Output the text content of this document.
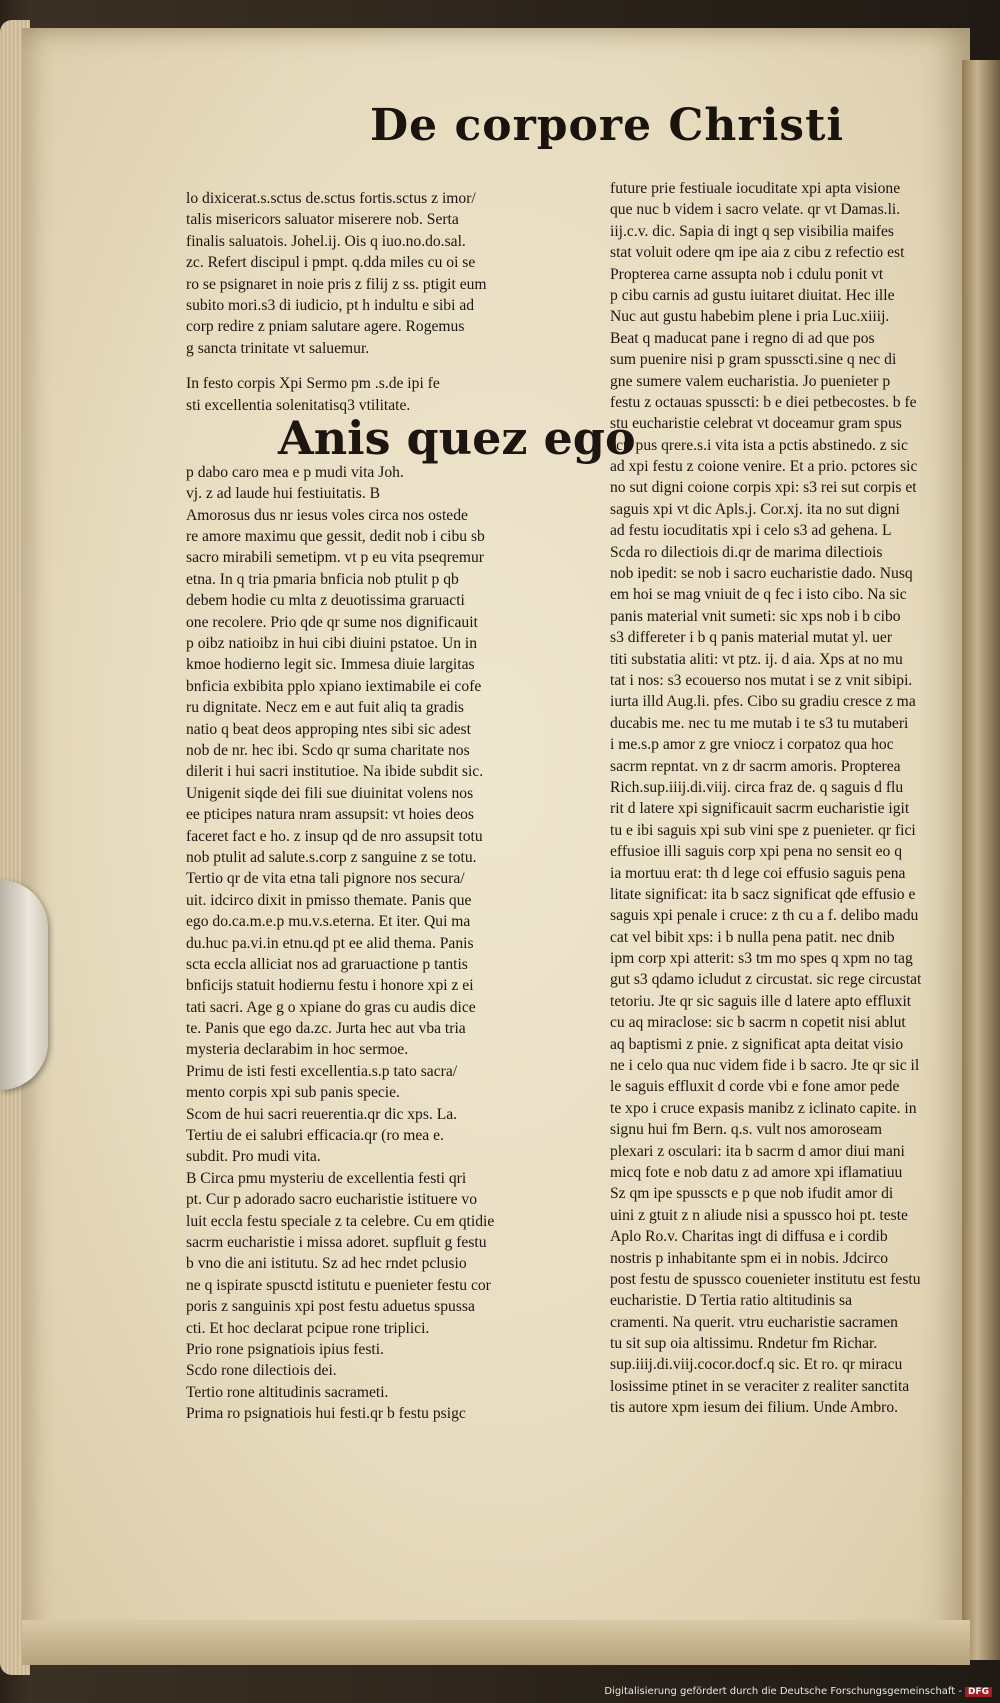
De corpore Christi
lo dixicerat.s.sctus de.sctus fortis.sctus z imor/
talis misericors saluator miserere nob. Serta
finalis saluatois. Johel.ij. Ois q iuo.no.do.sal.
zc. Refert discipul i pmpt. q.dda miles cu oi se
ro se psignaret in noie pris z filij z ss. ptigit eum
subito mori.s3 di iudicio, pt h indultu e sibi ad
corp redire z pniam salutare agere. Rogemus
g sancta trinitate vt saluemur.
In festo corpis Xpi Sermo pm .s.de ipi fe
sti excellentia solenitatisq3 vtilitate.
Anis quez ego
p dabo caro mea e p mudi vita Joh.
vj. z ad laude hui festiuitatis. B
Amorosus dus nr iesus voles circa nos ostede
re amore maximu que gessit, dedit nob i cibu sb
sacro mirabili semetipm. vt p eu vita pseqremur
etna. In q tria pmaria bnficia nob ptulit p qb
debem hodie cu mlta z deuotissima graruacti
one recolere. Prio qde qr sume nos dignificauit
p oibz natioibz in hui cibi diuini pstatoe. Un in
kmoe hodierno legit sic. Immesa diuie largitas
bnficia exbibita pplo xpiano iextimabile ei cofe
ru dignitate. Necz em e aut fuit aliq ta gradis
natio q beat deos approping ntes sibi sic adest
nob de nr. hec ibi. Scdo qr suma charitate nos
dilerit i hui sacri institutioe. Na ibide subdit sic.
Unigenit siqde dei fili sue diuinitat volens nos
ee pticipes natura nram assupsit: vt hoies deos
faceret fact e ho. z insup qd de nro assupsit totu
nob ptulit ad salute.s.corp z sanguine z se totu.
Tertio qr de vita etna tali pignore nos secura/
uit. idcirco dixit in pmisso themate. Panis que
ego do.ca.m.e.p mu.v.s.eterna. Et iter. Qui ma
du.huc pa.vi.in etnu.qd pt ee alid thema. Panis
scta eccla alliciat nos ad graruactione p tantis
bnficijs statuit hodiernu festu i honore xpi z ei
tati sacri. Age g o xpiane do gras cu audis dice
te. Panis que ego da.zc. Jurta hec aut vba tria
mysteria declarabim in hoc sermoe.
Primu de isti festi excellentia.s.p tato sacra/
mento corpis xpi sub panis specie.
Scom de hui sacri reuerentia.qr dic xps. La.
Tertiu de ei salubri efficacia.qr (ro mea e.
subdit. Pro mudi vita.
B Circa pmu mysteriu de excellentia festi qri
pt. Cur p adorado sacro eucharistie istituere vo
luit eccla festu speciale z ta celebre. Cu em qtidie
sacrm eucharistie i missa adoret. supfluit g festu
b vno die ani istitutu. Sz ad hec rndet pclusio
ne q ispirate spusctd istitutu e puenieter festu cor
poris z sanguinis xpi post festu aduetus spussa
cti. Et hoc declarat pcipue rone triplici.
Prio rone psignatiois ipius festi.
Scdo rone dilectiois dei.
Tertio rone altitudinis sacrameti.
Prima ro psignatiois hui festi.qr b festu psigc
future prie festiuale iocuditate xpi apta visione
que nuc b videm i sacro velate. qr vt Damas.li.
iij.c.v. dic. Sapia di ingt q sep visibilia maifes
stat voluit odere qm ipe aia z cibu z refectio est
Propterea carne assupta nob i cdulu ponit vt
p cibu carnis ad gustu iuitaret diuitat. Hec ille
Nuc aut gustu habebim plene i pria Luc.xiiij.
Beat q maducat pane i regno di ad que pos
sum puenire nisi p gram spusscti.sine q nec di
gne sumere valem eucharistia. Jo puenieter p
festu z octauas spusscti: b e diei petbecostes. b fe
stu eucharistie celebrat vt doceamur gram spus
scti pus qrere.s.i vita ista a pctis abstinedo. z sic
ad xpi festu z coione venire. Et a prio. pctores sic
no sut digni coione corpis xpi: s3 rei sut corpis et
saguis xpi vt dic Apls.j. Cor.xj. ita no sut digni
ad festu iocuditatis xpi i celo s3 ad gehena. L
Scda ro dilectiois di.qr de marima dilectiois
nob ipedit: se nob i sacro eucharistie dado. Nusq
em hoi se mag vniuit de q fec i isto cibo. Na sic
panis material vnit sumeti: sic xps nob i b cibo
s3 differeter i b q panis material mutat yl. uer
titi substatia aliti: vt ptz. ij. d aia. Xps at no mu
tat i nos: s3 ecouerso nos mutat i se z vnit sibipi.
iurta illd Aug.li. pfes. Cibo su gradiu cresce z ma
ducabis me. nec tu me mutab i te s3 tu mutaberi
i me.s.p amor z gre vniocz i corpatoz qua hoc
sacrm repntat. vn z dr sacrm amoris. Propterea
Rich.sup.iiij.di.viij. circa fraz de. q saguis d flu
rit d latere xpi significauit sacrm eucharistie igit
tu e ibi saguis xpi sub vini spe z puenieter. qr fici
effusioe illi saguis corp xpi pena no sensit eo q
ia mortuu erat: th d lege coi effusio saguis pena
litate significat: ita b sacz significat qde effusio e
saguis xpi penale i cruce: z th cu a f. delibo madu
cat vel bibit xps: i b nulla pena patit. nec dnib
ipm corp xpi atterit: s3 tm mo spes q xpm no tag
gut s3 qdamo icludut z circustat. sic rege circustat
tetoriu. Jte qr sic saguis ille d latere apto effluxit
cu aq miraclose: sic b sacrm n copetit nisi ablut
aq baptismi z pnie. z significat apta deitat visio
ne i celo qua nuc videm fide i b sacro. Jte qr sic il
le saguis effluxit d corde vbi e fone amor pede
te xpo i cruce expasis manibz z iclinato capite. in
signu hui fm Bern. q.s. vult nos amoroseam
plexari z osculari: ita b sacrm d amor diui mani
micq fote e nob datu z ad amore xpi iflamatiuu
Sz qm ipe spusscts e p que nob ifudit amor di
uini z gtuit z n aliude nisi a spussco hoi pt. teste
Aplo Ro.v. Charitas ingt di diffusa e i cordib
nostris p inhabitante spm ei in nobis. Jdcirco
post festu de spussco couenieter institutu est festu
eucharistie. D Tertia ratio altitudinis sa
cramenti. Na querit. vtru eucharistie sacramen
tu sit sup oia altissimu. Rndetur fm Richar.
sup.iiij.di.viij.cocor.docf.q sic. Et ro. qr miracu
losissime ptinet in se veraciter z realiter sanctita
tis autore xpm iesum dei filium. Unde Ambro.
Digitalisierung gefördert durch die Deutsche Forschungsgemeinschaft - DFG
